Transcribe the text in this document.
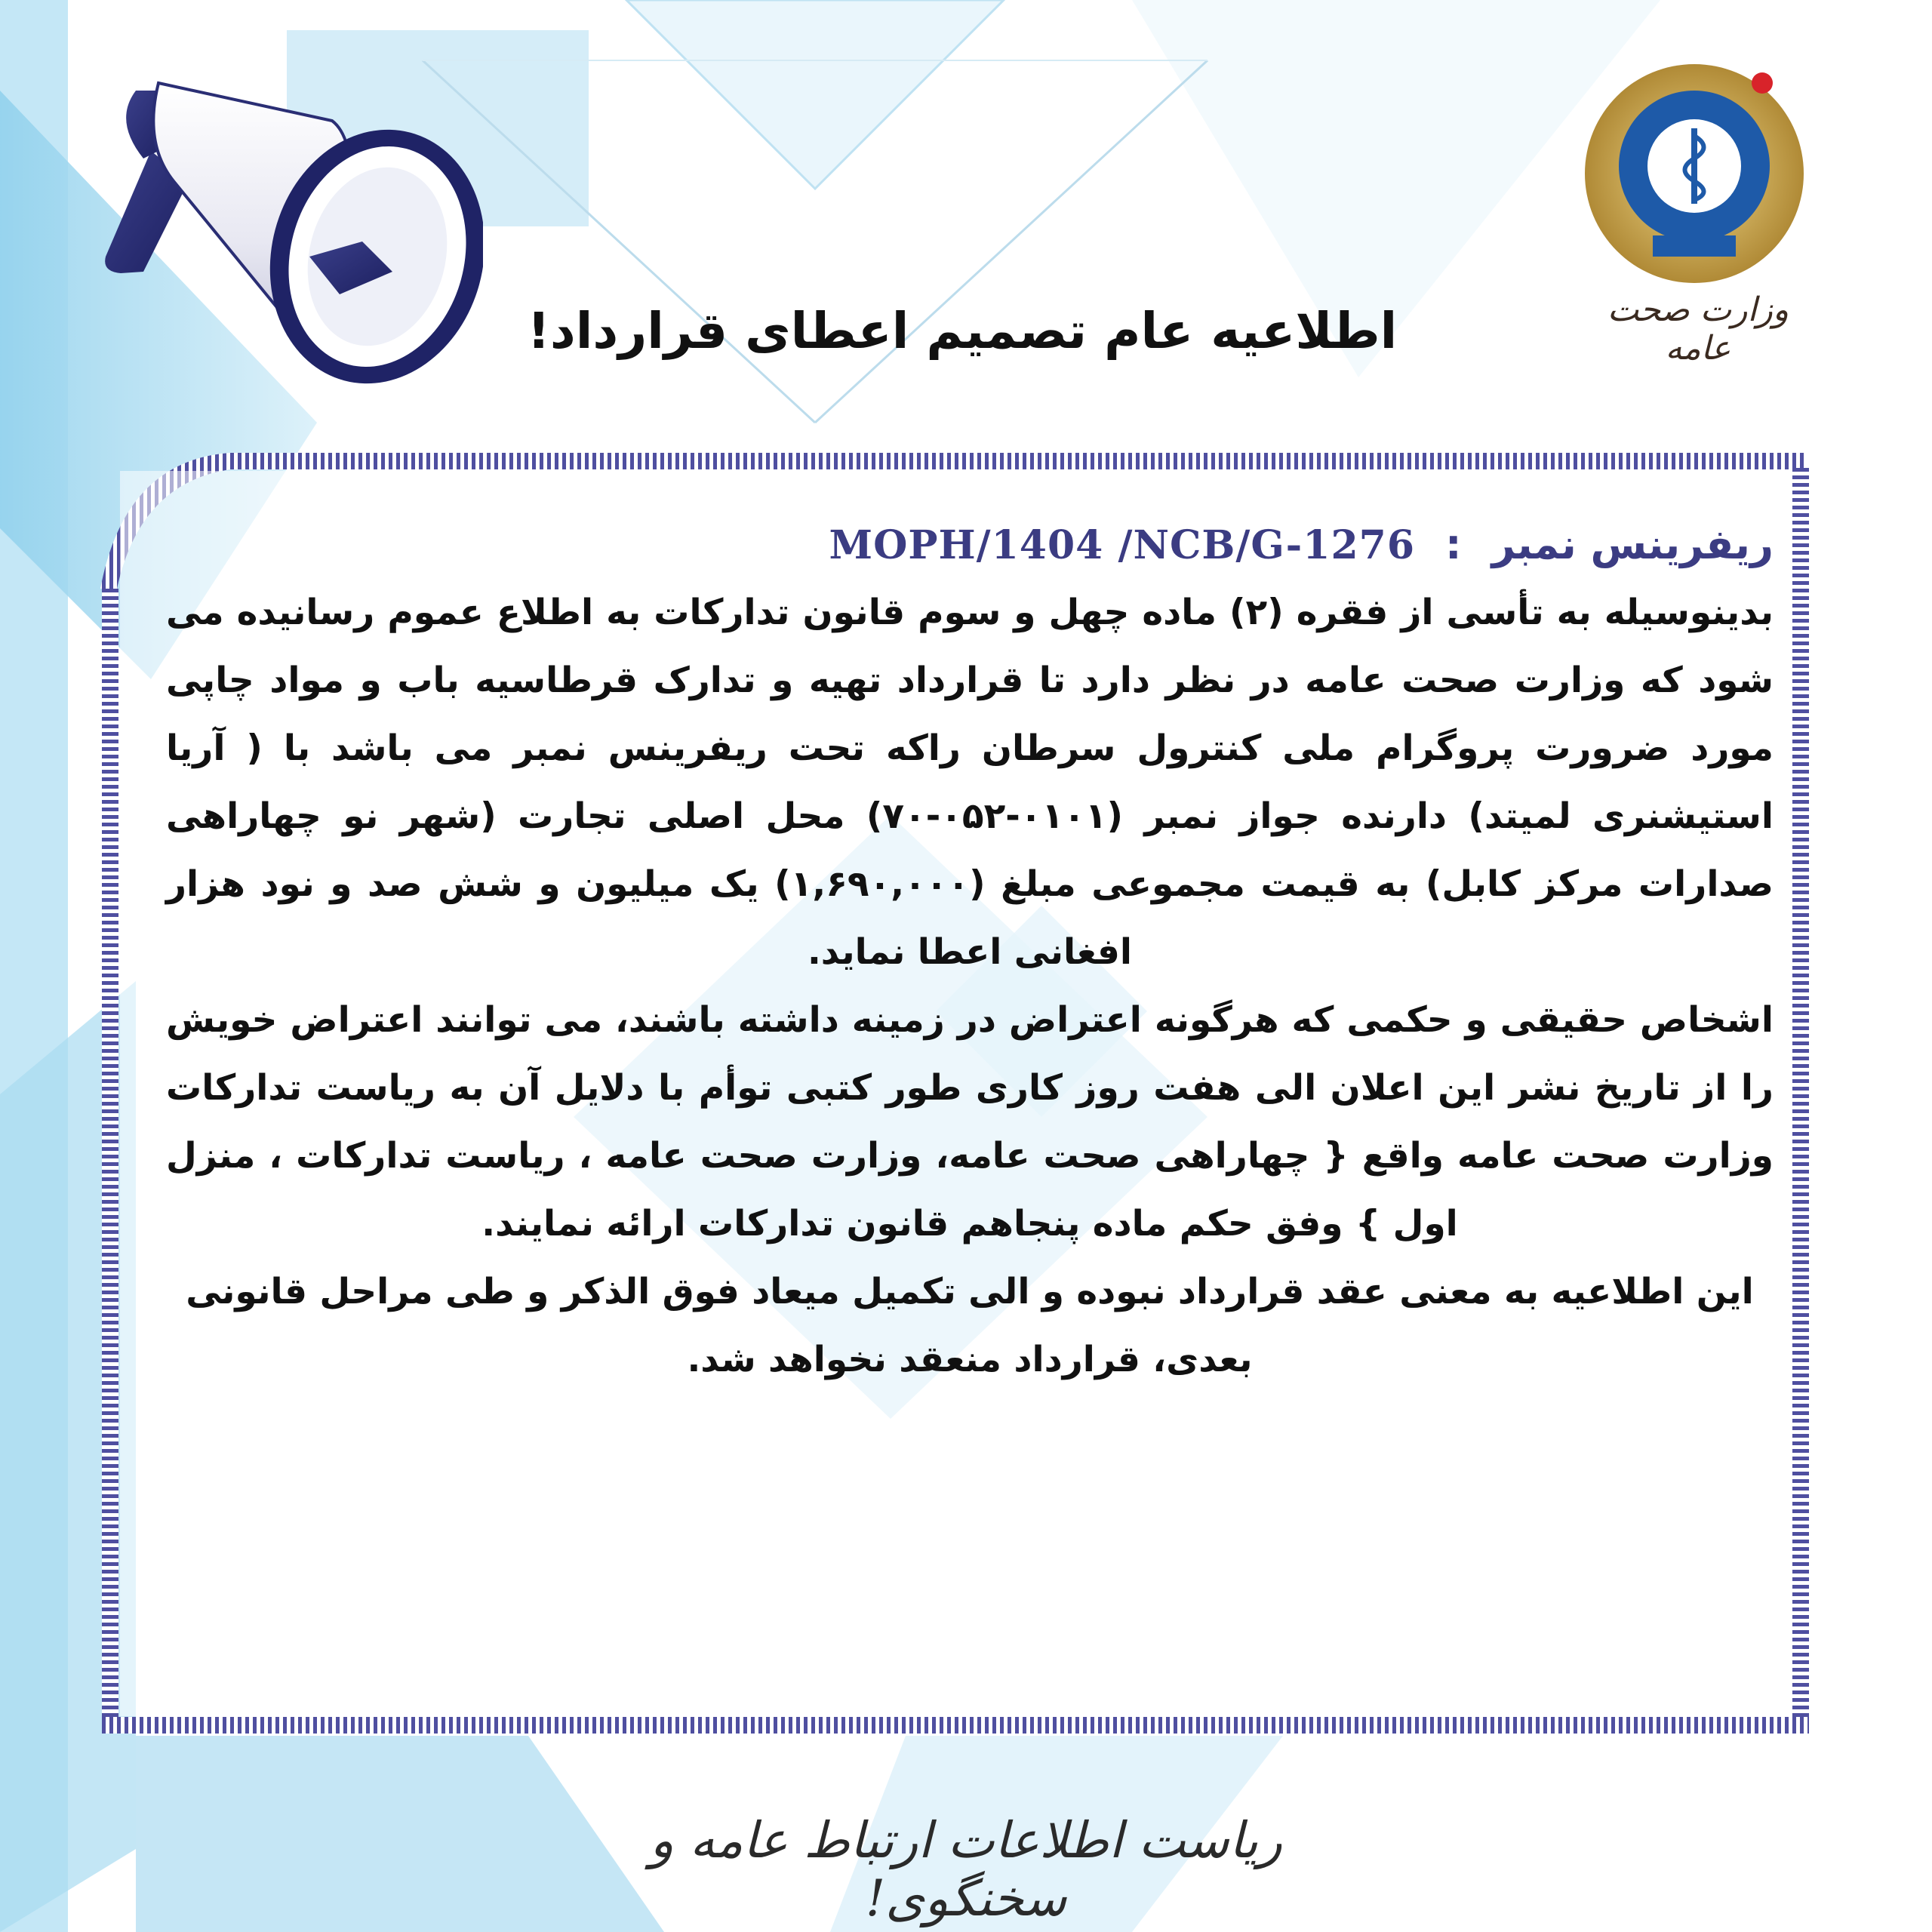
وزارت صحت عامه
اطلاعیه عام تصمیم اعطای قرارداد!
ریفرینس نمبر
:
MOPH/1404 /NCB/G-1276

بدینوسیله به تأسی از فقره (۲) ماده چهل و سوم قانون تدارکات به اطلاع عموم رسانیده می شود که وزارت صحت عامه در نظر دارد تا قرارداد تهیه و تدارک قرطاسیه باب و مواد چاپی مورد ضرورت پروگرام ملی کنترول سرطان راکه تحت ریفرینس نمبر می باشد با ( آریا استیشنری لمیتد) دارنده جواز نمبر (۰۱۰۱-۰۵۲-۷۰) محل اصلی تجارت (شهر نو چهاراهی صدارات مرکز کابل) به قیمت مجموعی مبلغ (۱,۶۹۰,۰۰۰) یک میلیون و شش صد و نود هزار افغانی اعطا نماید.

اشخاص حقیقی و حکمی که هرگونه اعتراض در زمینه داشته باشند، می توانند اعتراض خویش را از تاریخ نشر این اعلان الی هفت روز کاری طور کتبی توأم با دلایل آن به ریاست تدارکات وزارت صحت عامه واقع { چهاراهی صحت عامه، وزارت صحت عامه ، ریاست تدارکات ، منزل اول } وفق حکم ماده پنجاهم قانون تدارکات ارائه نمایند.

این اطلاعیه به معنی عقد قرارداد نبوده و الی تکمیل میعاد فوق الذکر و طی مراحل قانونی بعدی، قرارداد منعقد نخواهد شد.

ریاست اطلاعات ارتباط عامه و سخنگوی!
